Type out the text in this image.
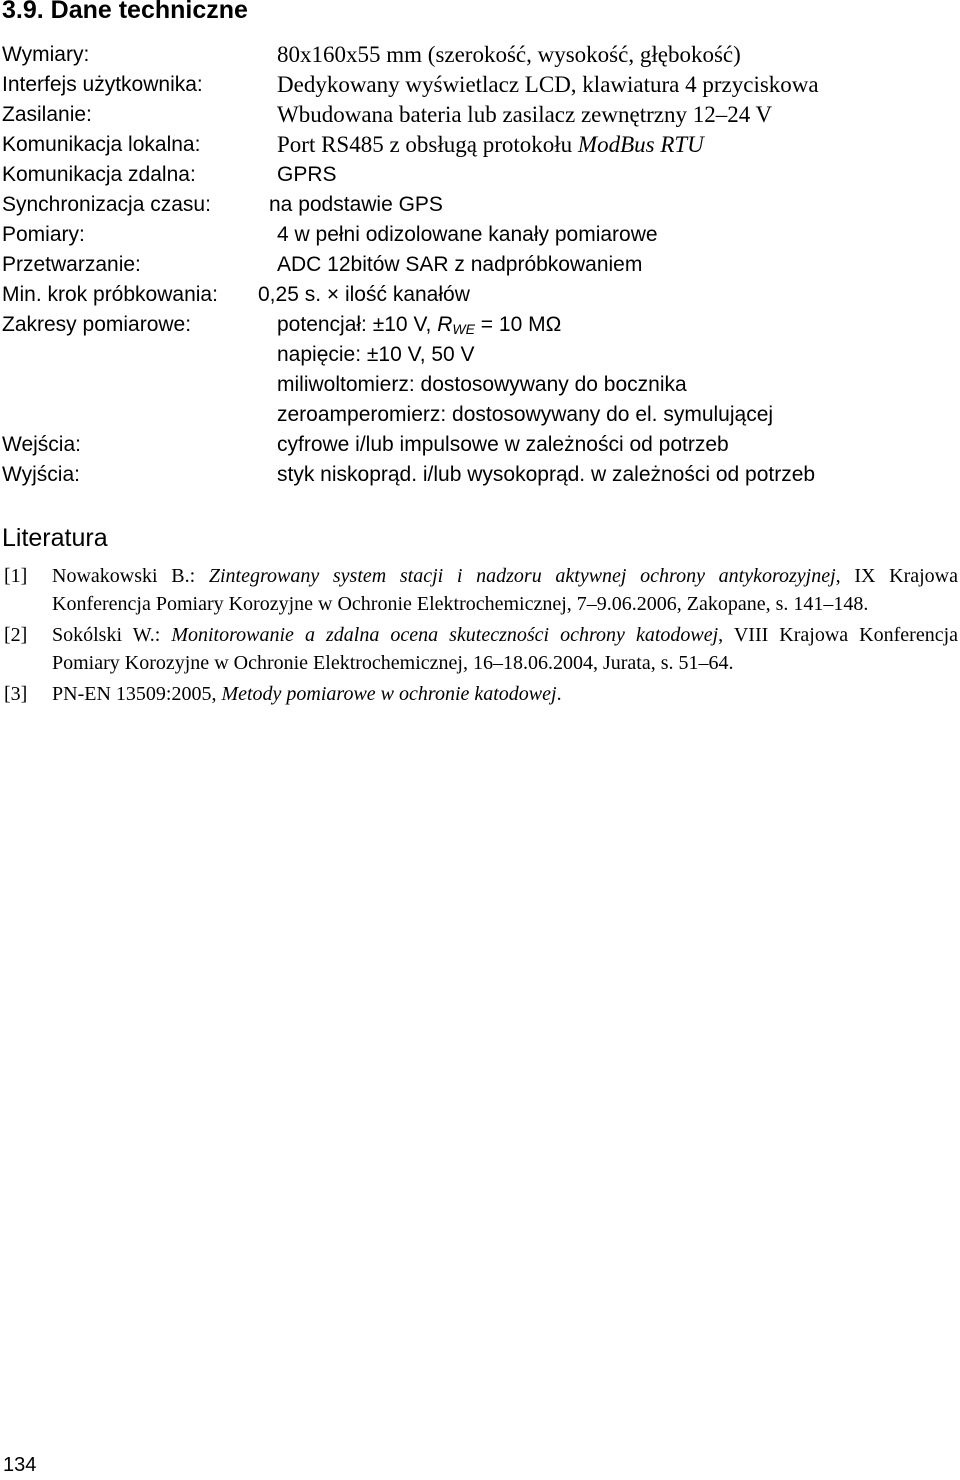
3.9. Dane techniczne
Wymiary:	80x160x55 mm (szerokość, wysokość, głębokość)
Interfejs użytkownika:	Dedykowany wyświetlacz LCD, klawiatura 4 przyciskowa
Zasilanie:	Wbudowana bateria lub zasilacz zewnętrzny 12–24 V
Komunikacja lokalna:	Port RS485 z obsługą protokołu ModBus RTU
Komunikacja zdalna:	GPRS
Synchronizacja czasu:	na podstawie GPS
Pomiary:	4 w pełni odizolowane kanały pomiarowe
Przetwarzanie:	ADC 12bitów SAR z nadpróbkowaniem
Min. krok próbkowania: 0,25 s. × ilość kanałów
Zakresy pomiarowe:	potencjał: ±10 V, $R_{WE} = 10$ MΩ
napięcie: ±10 V, 50 V
miliwoltomierz: dostosowywany do bocznika
zeroamperomierz: dostosowywany do el. symulującej
Wejścia:	cyfrowe i/lub impulsowe w zależności od potrzeb
Wyjścia:	styk niskoprąd. i/lub wysokoprąd. w zależności od potrzeb
Literatura
[1] Nowakowski B.: Zintegrowany system stacji i nadzoru aktywnej ochrony antykorozyjnej, IX Krajowa Konferencja Pomiary Korozyjne w Ochronie Elektrochemicznej, 7–9.06.2006, Zakopane, s. 141–148.
[2] Sokólski W.: Monitorowanie a zdalna ocena skuteczności ochrony katodowej, VIII Krajowa Konferencja Pomiary Korozyjne w Ochronie Elektrochemicznej, 16–18.06.2004, Jurata, s. 51–64.
[3] PN-EN 13509:2005, Metody pomiarowe w ochronie katodowej.
134
